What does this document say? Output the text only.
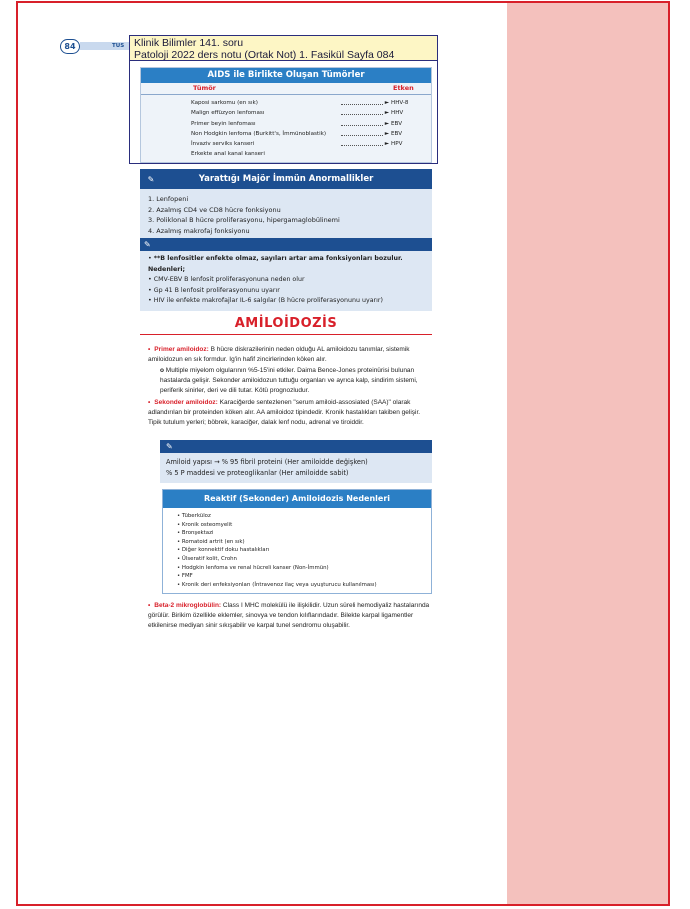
84	TUS
AIDS ile Birlikte Oluşan Tümörler
Tümör	Etken
Kaposi sarkomu (en sık)	► HHV-8
Malign effüzyon lenfoması	► HHV
Primer beyin lenfoması	► EBV
Non Hodgkin lenfoma (Burkitt's, İmmünoblastik)	► EBV
İnvaziv serviks kanseri	► HPV
Erkekte anal kanal kanseri
Klinik Bilimler 141. soru
Patoloji 2022 ders notu (Ortak Not) 1. Fasikül Sayfa 084
✎	Yarattığı Majör İmmün Anormallikler
1. Lenfopeni
2. Azalmış CD4 ve CD8 hücre fonksiyonu
3. Poliklonal B hücre proliferasyonu, hipergamaglobülinemi
4. Azalmış makrofaj fonksiyonu
✎
• **B lenfositler enfekte olmaz, sayıları artar ama fonksiyonları bozulur. Nedenleri;
• CMV-EBV B lenfosit proliferasyonuna neden olur
• Gp 41 B lenfosit proliferasyonunu uyarır
• HIV ile enfekte makrofajlar IL-6 salgılar (B hücre proliferasyonunu uyarır)
AMİLOİDOZİS
• Primer amiloidoz: B hücre diskrazilerinin neden olduğu AL amiloidozu tanımlar, sistemik amiloidozun en sık formdur. Ig'in hafif zincirlerinden köken alır.
o Multiple miyelom olgularının %5-15'ini etkiler. Daima Bence-Jones proteinürisi bulunan hastalarda gelişir. Sekonder amiloidozun tuttuğu organları ve ayrıca kalp, sindirim sistemi, periferik sinirler, deri ve dili tutar. Kötü prognozludur.
• Sekonder amiloidoz: Karaciğerde sentezlenen "serum amiloid-assosiated (SAA)" olarak adlandırılan bir proteinden köken alır. AA amiloidoz tipindedir. Kronik hastalıkları takiben gelişir. Tipik tutulum yerleri; böbrek, karaciğer, dalak lenf nodu, adrenal ve tiroiddir.
✎
Amiloid yapısı → % 95 fibril proteini (Her amiloidde değişken)
% 5 P maddesi ve proteoglikanlar (Her amiloidde sabit)
Reaktif (Sekonder) Amiloidozis Nedenleri
• Tüberküloz
• Kronik osteomyelit
• Bronşektazi
• Romatoid artrit (en sık)
• Diğer konnektif doku hastalıkları
• Ülseratif kolit, Crohn
• Hodgkin lenfoma ve renal hücreli kanser (Non-İmmün)
• FMF
• Kronik deri enfeksiyonları (İntravenoz ilaç veya uyuşturucu kullanılması)
• Beta-2 mikroglobülin: Class I MHC molekülü ile ilişkilidir. Uzun süreli hemodiyaliz hastalarında görülür. Birikim özellikle eklemler, sinovya ve tendon kılıflarındadır. Bilekte karpal ligamentler etkilenirse mediyan sinir sıkışabilir ve karpal tunel sendromu oluşabilir.
